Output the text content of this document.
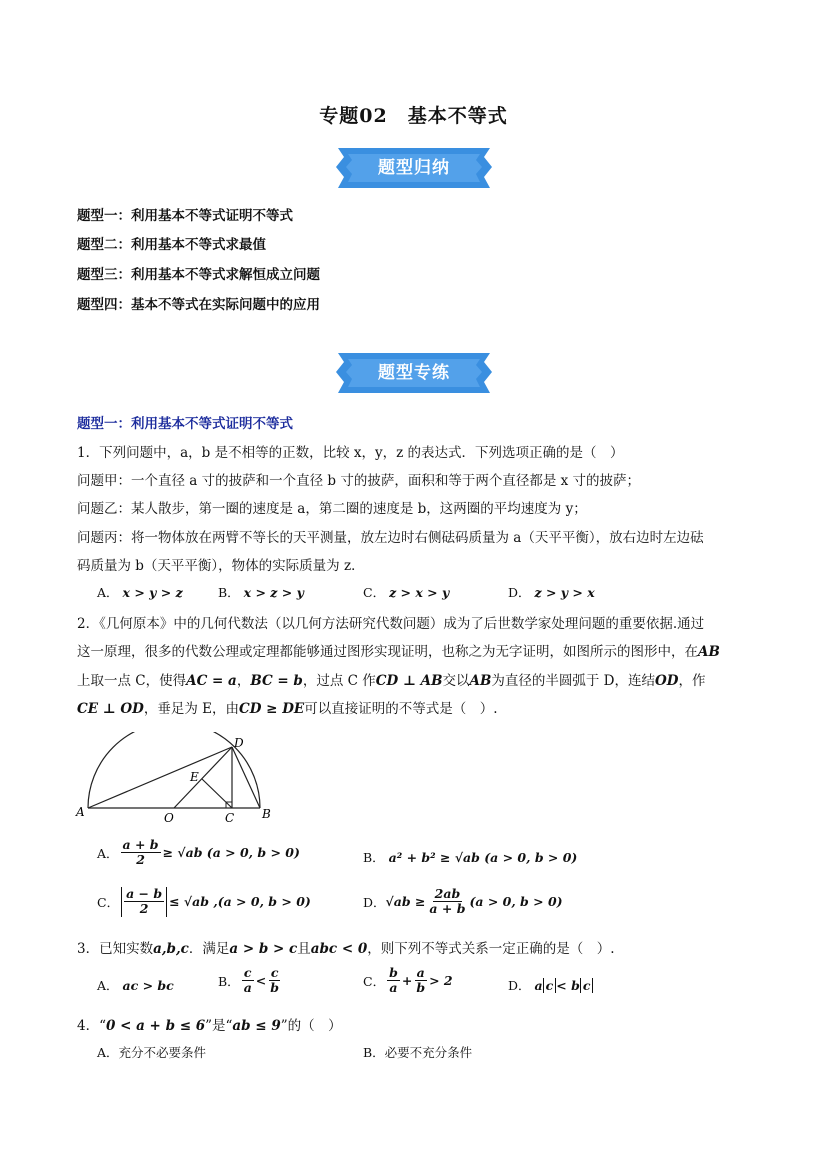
专题02　基本不等式
题型归纳
题型一：利用基本不等式证明不等式
题型二：利用基本不等式求最值
题型三：利用基本不等式求解恒成立问题
题型四：基本不等式在实际问题中的应用
题型专练
题型一：利用基本不等式证明不等式
1．下列问题中，a，b 是不相等的正数，比较 x，y，z 的表达式．下列选项正确的是（　）
问题甲：一个直径 a 寸的披萨和一个直径 b 寸的披萨，面积和等于两个直径都是 x 寸的披萨；
问题乙：某人散步，第一圈的速度是 a，第二圈的速度是 b，这两圈的平均速度为 y；
问题丙：将一物体放在两臂不等长的天平测量，放左边时右侧砝码质量为 a（天平平衡），放右边时左边砝
码质量为 b（天平平衡），物体的实际质量为 z．
A． x > y > z	B． x > z > y	C． z > x > y	D． z > y > x
2．《几何原本》中的几何代数法（以几何方法研究代数问题）成为了后世数学家处理问题的重要依据.通过
这一原理，很多的代数公理或定理都能够通过图形实现证明，也称之为无字证明，如图所示的图形中，在AB
上取一点 C，使得AC = a，BC = b，过点 C 作CD ⊥ AB交以AB为直径的半圆弧于 D，连结OD，作
CE ⊥ OD，垂足为 E，由CD ≥ DE可以直接证明的不等式是（　）.
A	B
C
D
E
O
A． $\frac{a + b}{2} \ge √ab$ (a > 0, b > 0)	B． a² + b² ≥ √ab (a > 0, b > 0)
C． $\frac{a - b}{2} \le √ab$ ,(a > 0, b > 0)	D． $√ab \ge \frac{2ab}{a + b} (a > 0$, b > 0)
3．已知实数a,b,c．满足a > b > c且abc < 0，则下列不等式关系一定正确的是（　）.
A． ac > bc	B． $\frac{c}{a} < \frac{c}{b}$	C． $\frac{b}{a} + \frac{a}{b} > 2$	D． a c < b c
4．“0 < a + b ≤ 6”是“ab ≤ 9”的（　）
A．充分不必要条件	B．必要不充分条件
